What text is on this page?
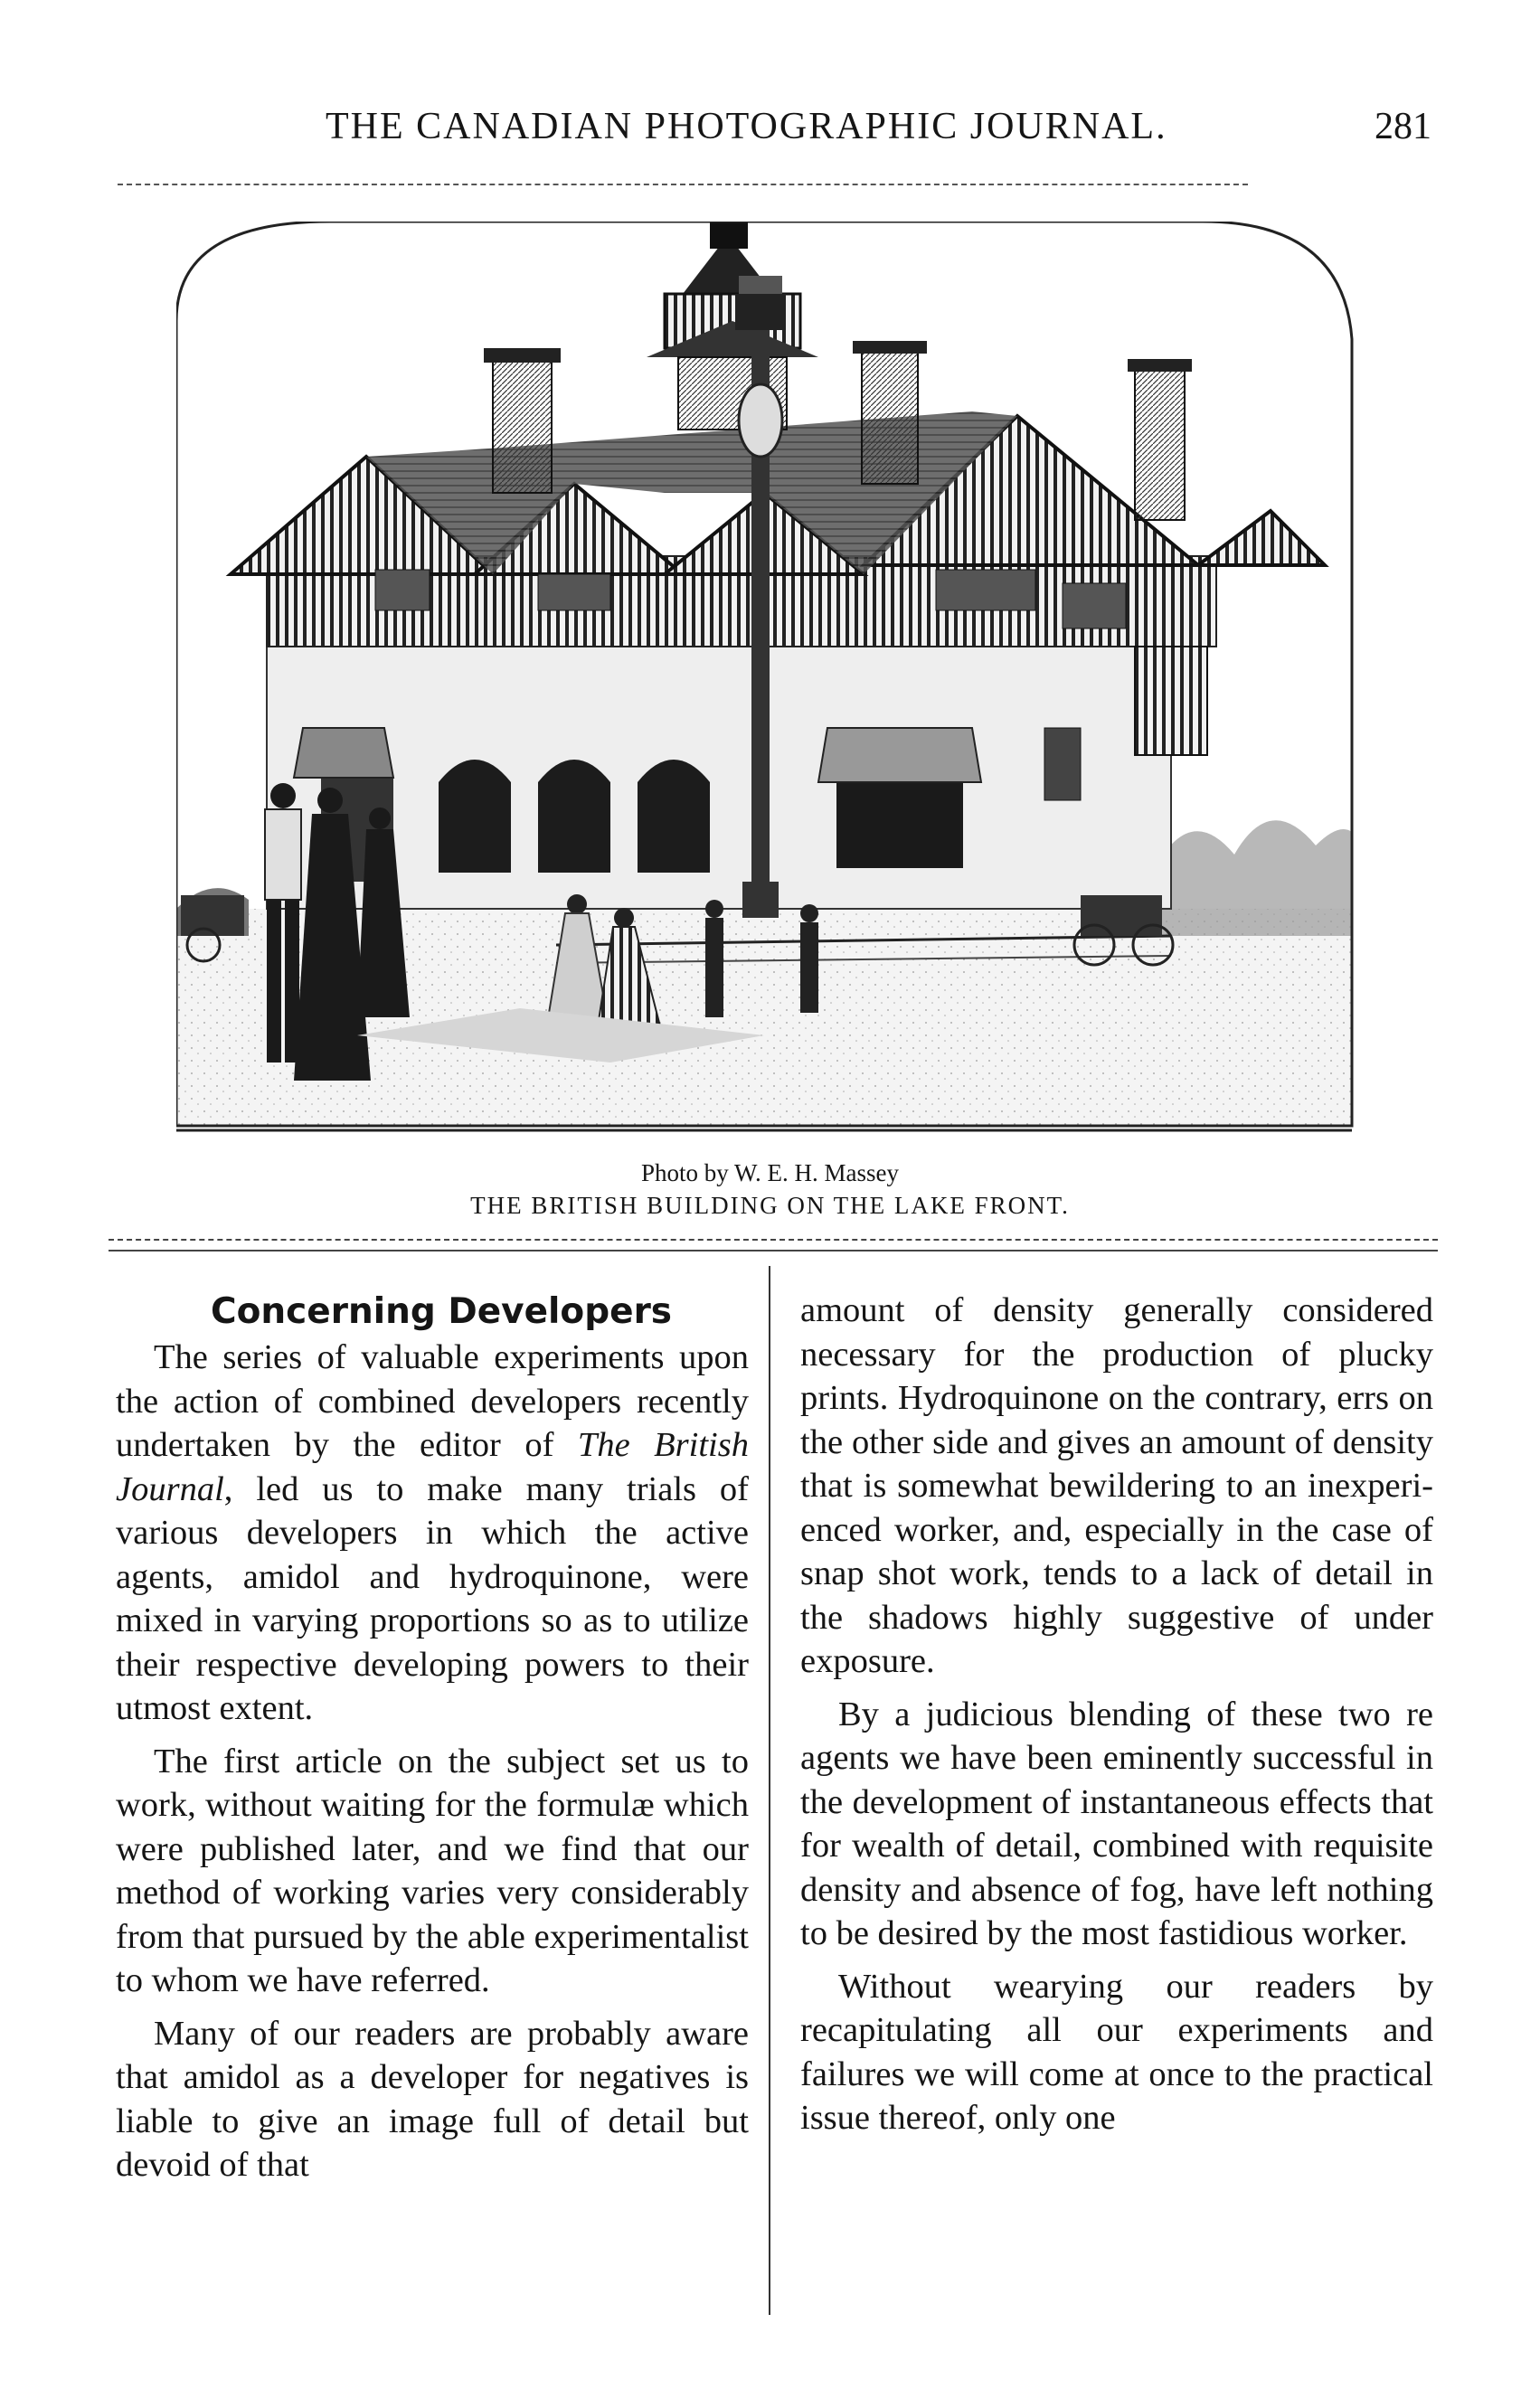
THE CANADIAN PHOTOGRAPHIC JOURNAL.	281
Photo by W. E. H. Massey
THE BRITISH BUILDING ON THE LAKE FRONT.
Concerning Developers

The series of valuable experiments upon the action of combined developers recently undertaken by the editor of The British Journal, led us to make many trials of various developers in which the active agents, amidol and hydroquinone, were mixed in varying proportions so as to utilize their respective developing powers to their utmost extent.

The first article on the subject set us to work, without waiting for the formulæ which were published later, and we find that our method of working varies very considerably from that pursued by the able experimentalist to whom we have referred.

Many of our readers are probably aware that amidol as a developer for negatives is liable to give an image full of detail but devoid of that

amount of density generally considered necessary for the production of plucky prints. Hydroquinone on the contrary, errs on the other side and gives an amount of density that is somewhat bewildering to an inexperienced worker, and, especially in the case of snap shot work, tends to a lack of detail in the shadows highly suggestive of under exposure.

By a judicious blending of these two re agents we have been eminently successful in the development of instantaneous effects that for wealth of detail, combined with requisite density and absence of fog, have left nothing to be desired by the most fastidious worker.

Without wearying our readers by recapitulating all our experiments and failures we will come at once to the practical issue thereof, only one
